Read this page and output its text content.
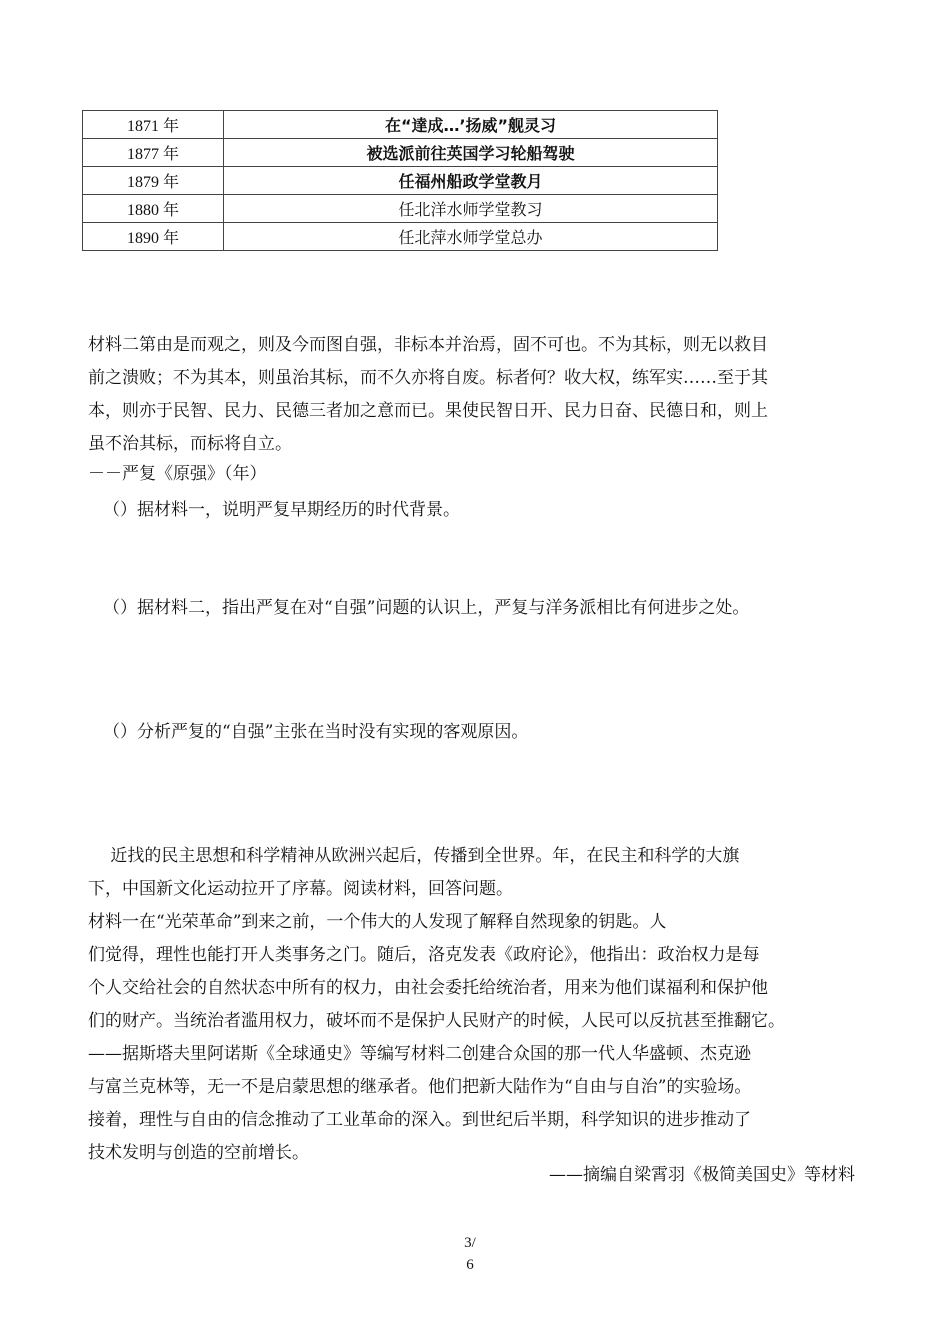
1871 年	在“達成…’扬威”舰灵习
1877 年	被选派前往英国学习轮船驾驶
1879 年	任福州船政学堂教月
1880 年	任北洋水师学堂教习
1890 年	任北萍水师学堂总办
材料二第由是而观之，则及今而图自强，非标本并治焉，固不可也。不为其标，则无以救目
前之溃败；不为其本，则虽治其标，而不久亦将自废。标者何？收大权，练军实……至于其
本，则亦于民智、民力、民德三者加之意而已。果使民智日开、民力日奋、民德日和，则上
虽不治其标，而标将自立。
－－严复《原强》（年）
（）据材料一，说明严复早期经历的时代背景。
（）据材料二，指出严复在对“自强”问题的认识上，严复与洋务派相比有何进步之处。
（）分析严复的“自强”主张在当时没有实现的客观原因。
　 近找的民主思想和科学精神从欧洲兴起后，传播到全世界。年，在民主和科学的大旗
下，中国新文化运动拉开了序幕。阅读材料，回答问题。
材料一在“光荣革命”到来之前，一个伟大的人发现了解释自然现象的钥匙。人
们觉得，理性也能打开人类事务之门。随后，洛克发表《政府论》，他指出：政治权力是每
个人交给社会的自然状态中所有的权力，由社会委托给统治者，用来为他们谋福利和保护他
们的财产。当统治者滥用权力，破坏而不是保护人民财产的时候，人民可以反抗甚至推翻它。
——据斯塔夫里阿诺斯《全球通史》等编写材料二创建合众国的那一代人华盛顿、杰克逊
与富兰克林等，无一不是启蒙思想的继承者。他们把新大陆作为“自由与自治”的实验场。
接着，理性与自由的信念推动了工业革命的深入。到世纪后半期，科学知识的进步推动了
技术发明与创造的空前增长。
——摘编自梁霄羽《极简美国史》等材料
3/
6
